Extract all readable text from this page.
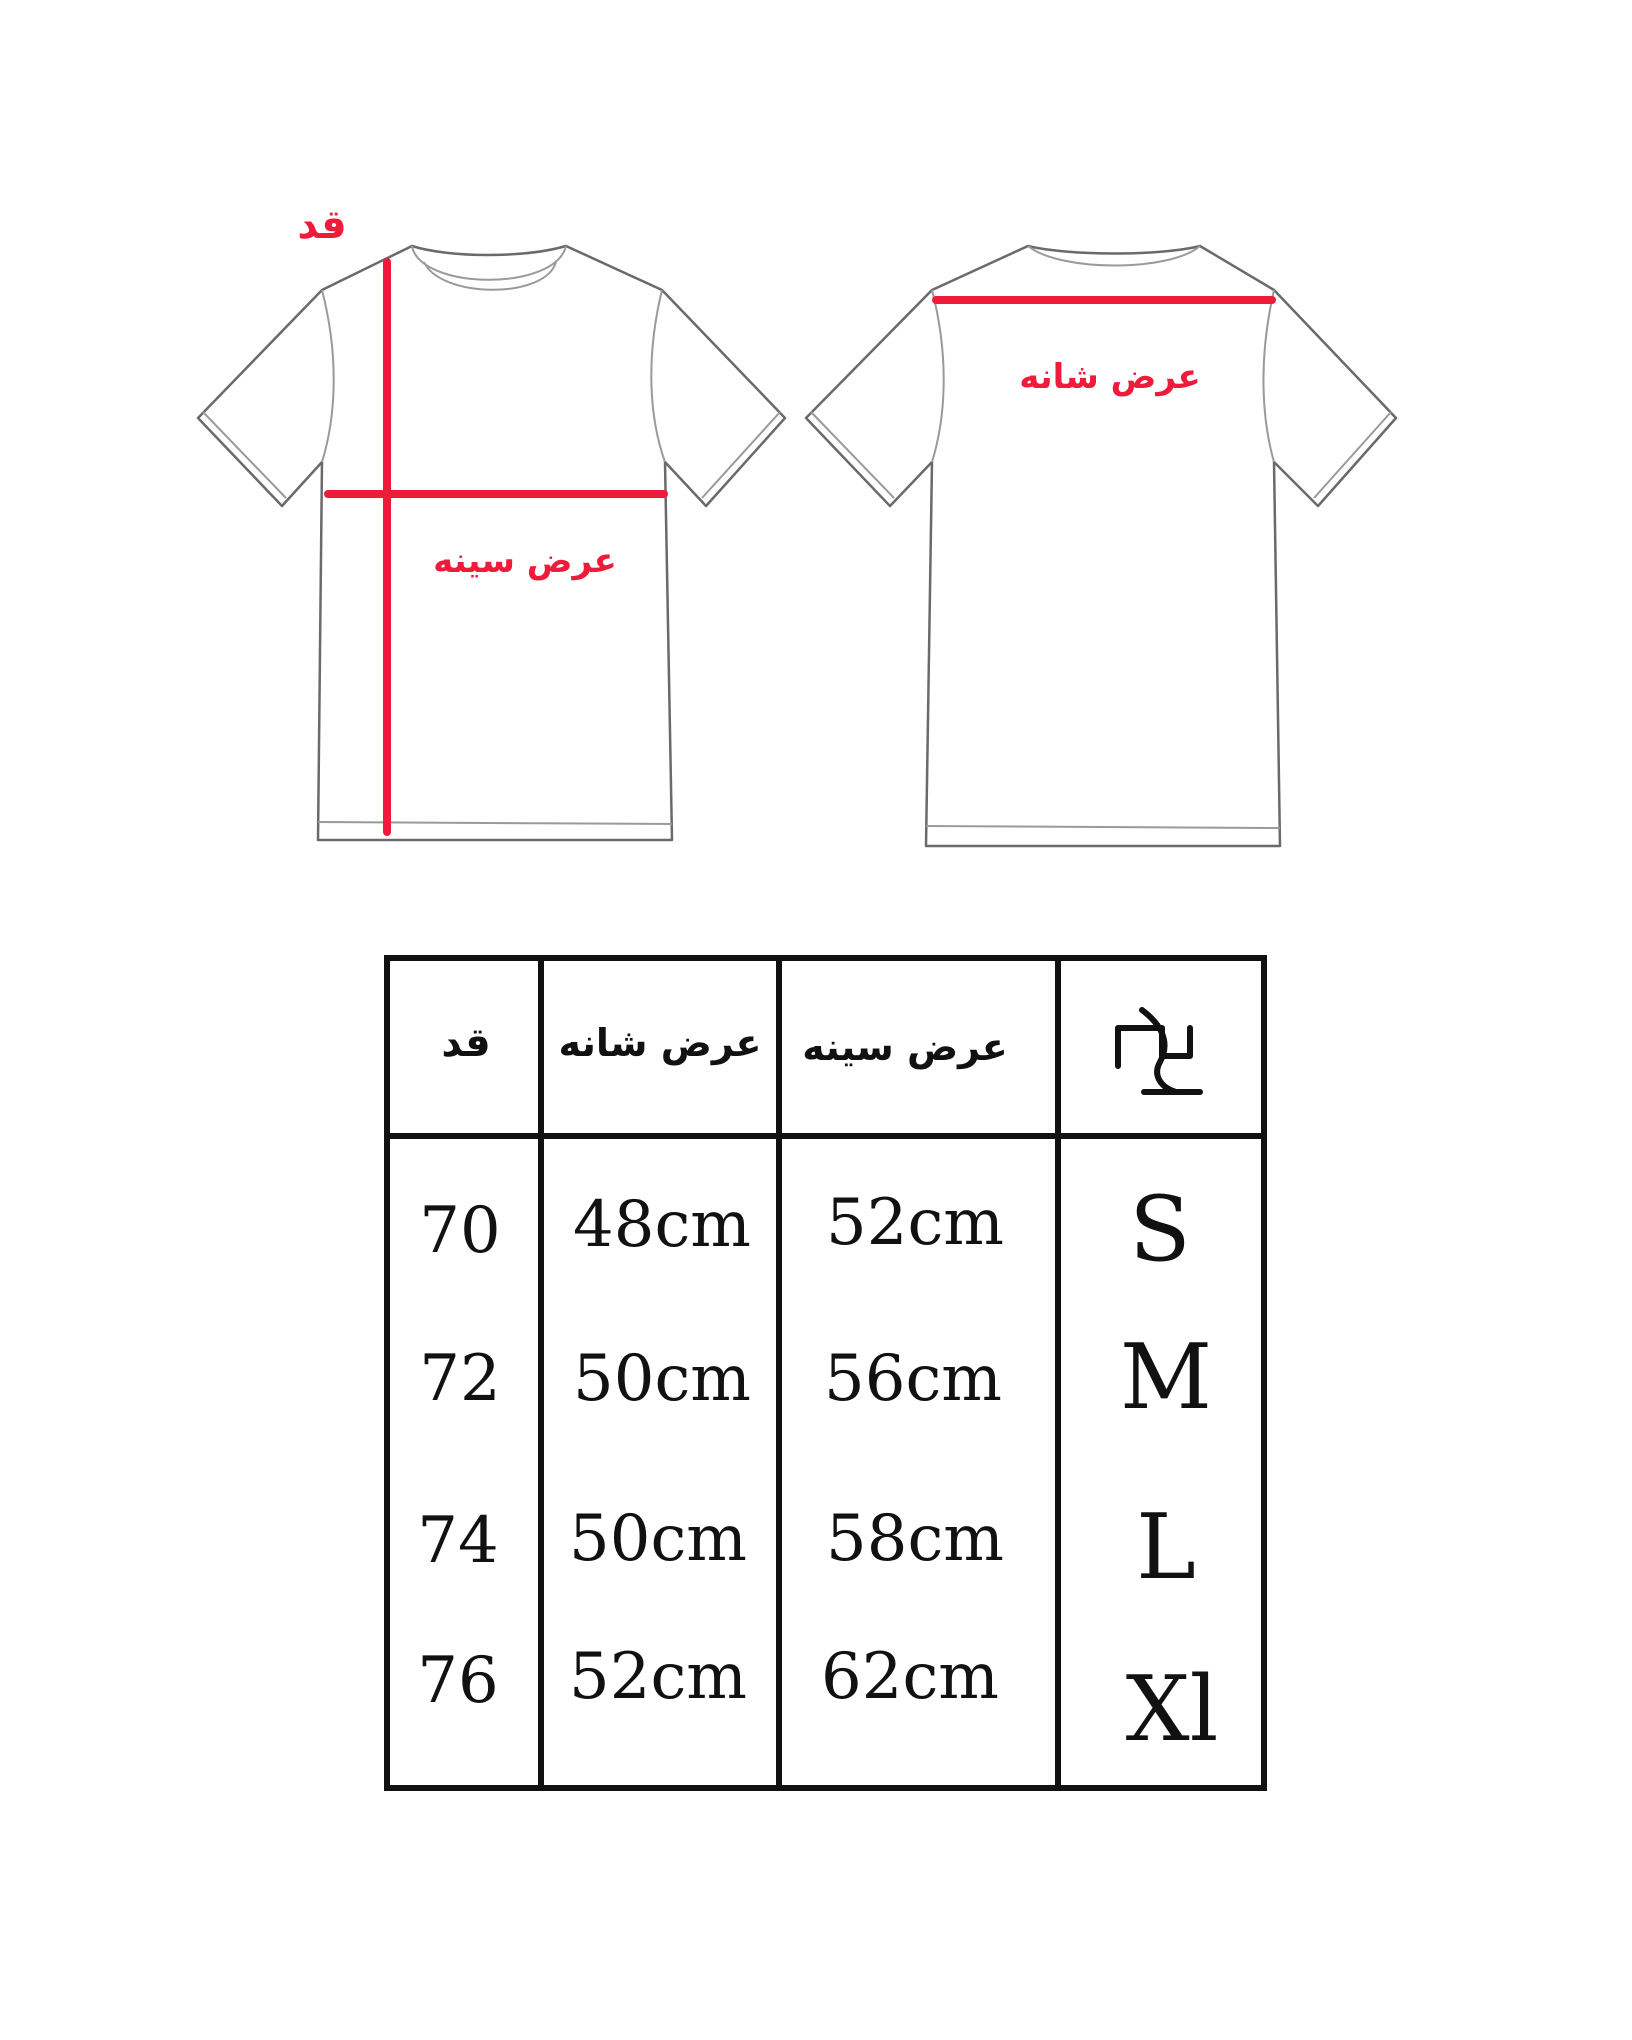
قد
عرض سینه
عرض شانه
قد عرض شانه عرض سینه
70 48cm 52cm S
72 50cm 56cm M
74 50cm 58cm L
76 52cm 62cm Xl
